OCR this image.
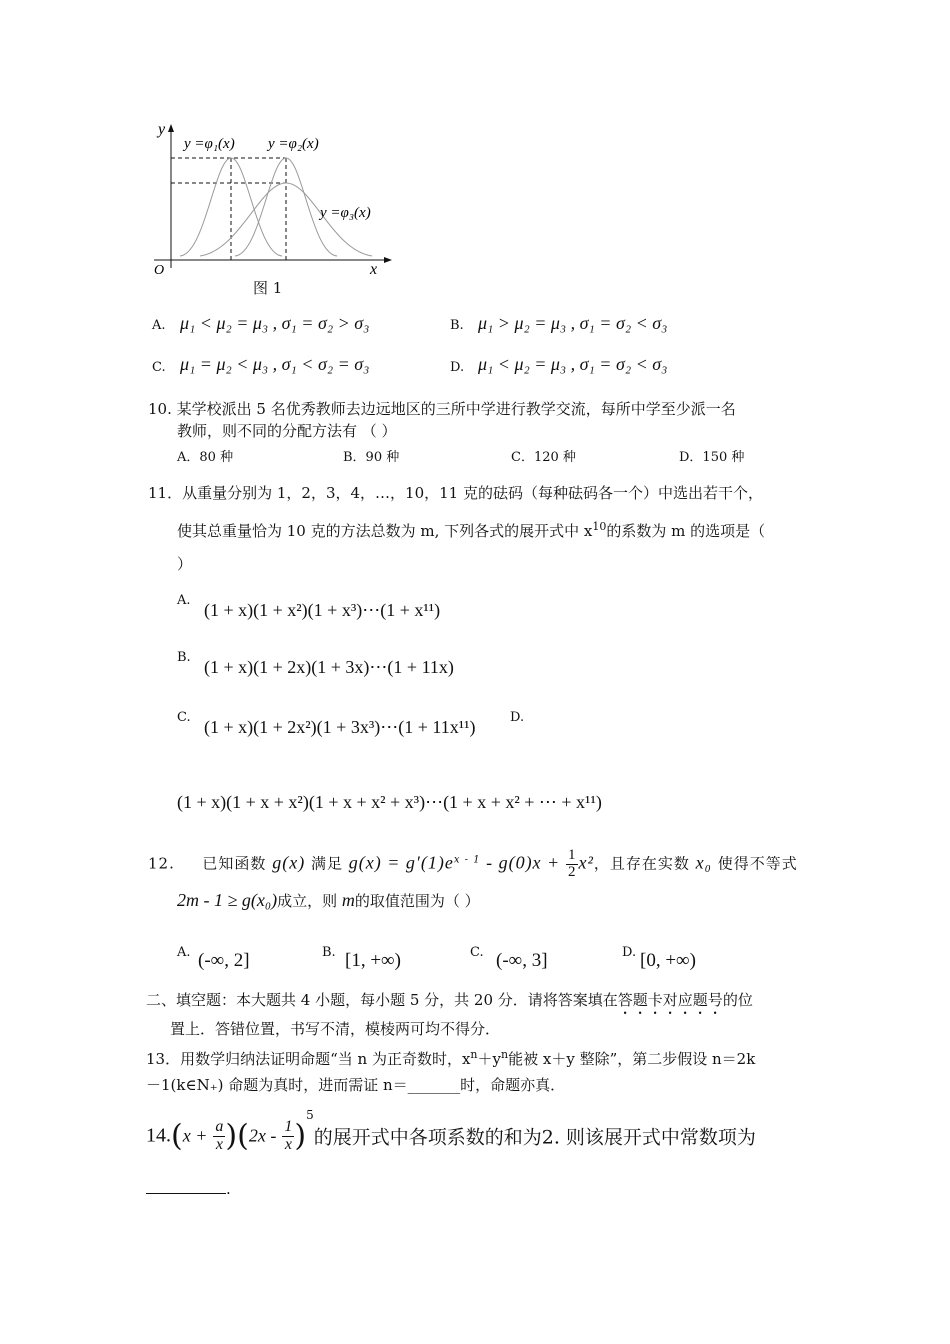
y
x
O
y =φ₁(x) y =φ₂(x)
y =φ₃(x)
图 1
A. μ₁ < μ₂ = μ₃ , σ₁ = σ₂ > σ₃	B. μ₁ > μ₂ = μ₃ , σ₁ = σ₂ < σ₃
C. μ₁ = μ₂ < μ₃ , σ₁ < σ₂ = σ₃	D. μ₁ < μ₂ = μ₃ , σ₁ = σ₂ < σ₃
10. 某学校派出 5 名优秀教师去边远地区的三所中学进行教学交流，每所中学至少派一名
教师，则不同的分配方法有 （ ）
A．80 种	B．90 种	C．120 种	D．150 种
11．从重量分别为 1，2，3，4，…，10，11 克的砝码（每种砝码各一个）中选出若干个，
使其总重量恰为 10 克的方法总数为 m, 下列各式的展开式中 $x^{10}$的系数为 m 的选项是（
）
A. (1 + x)(1 + x²)(1 + x³)⋯(1 + x¹¹)
B. (1 + x)(1 + 2x)(1 + 3x)⋯(1 + 11x)
C. (1 + x)(1 + 2x²)(1 + 3x³)⋯(1 + 11x¹¹)	D.
(1 + x)(1 + x + x²)(1 + x + x² + x³)⋯(1 + x + x² + ⋯ + x¹¹)
12. 已知函数 g(x) 满足 $g(x) = g'(1)e^{x - 1} - g(0)x + \frac{1}{2} x^2$，且存在实数 x₀ 使得不等式
2m - 1 ≥ g(x₀)成立，则 m的取值范围为（ ）
A. (-∞, 2]	B. [1, +∞)	C. (-∞, 3]	D. [0, +∞)
二、填空题：本大题共 4 小题，每小题 5 分，共 20 分．请将答案填在答题卡对应题号的位
置上．答错位置，书写不清，模棱两可均不得分．
13．用数学归纳法证明命题“当 n 为正奇数时，$x^n+y^n$能被 x＋y 整除”，第二步假设 n＝2k
－1(k∈N₊) 命题为真时，进而需证 n＝_______时，命题亦真．
$14.(x + \frac{a}{x} )(2x - \frac{1}{x} )^5$的展开式中各项系数的和为2. 则该展开式中常数项为
.
